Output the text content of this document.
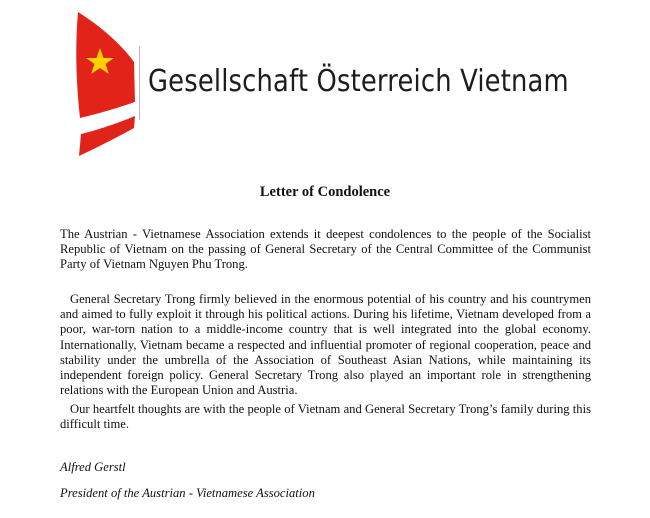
Gesellschaft Österreich Vietnam
Letter of Condolence

The Austrian - Vietnamese Association extends it deepest condolences to the people of the Socialist Republic of Vietnam on the passing of General Secretary of the Central Committee of the Communist Party of Vietnam Nguyen Phu Trong.

General Secretary Trong firmly believed in the enormous potential of his country and his countrymen and aimed to fully exploit it through his political actions. During his lifetime, Vietnam developed from a poor, war-torn nation to a middle-income country that is well integrated into the global economy. Internationally, Vietnam became a respected and influential promoter of regional cooperation, peace and stability under the umbrella of the Association of Southeast Asian Nations, while maintaining its independent foreign policy. General Secretary Trong also played an important role in strengthening relations with the European Union and Austria.

Our heartfelt thoughts are with the people of Vietnam and General Secretary Trong’s family during this difficult time.

Alfred Gerstl
President of the Austrian - Vietnamese Association
